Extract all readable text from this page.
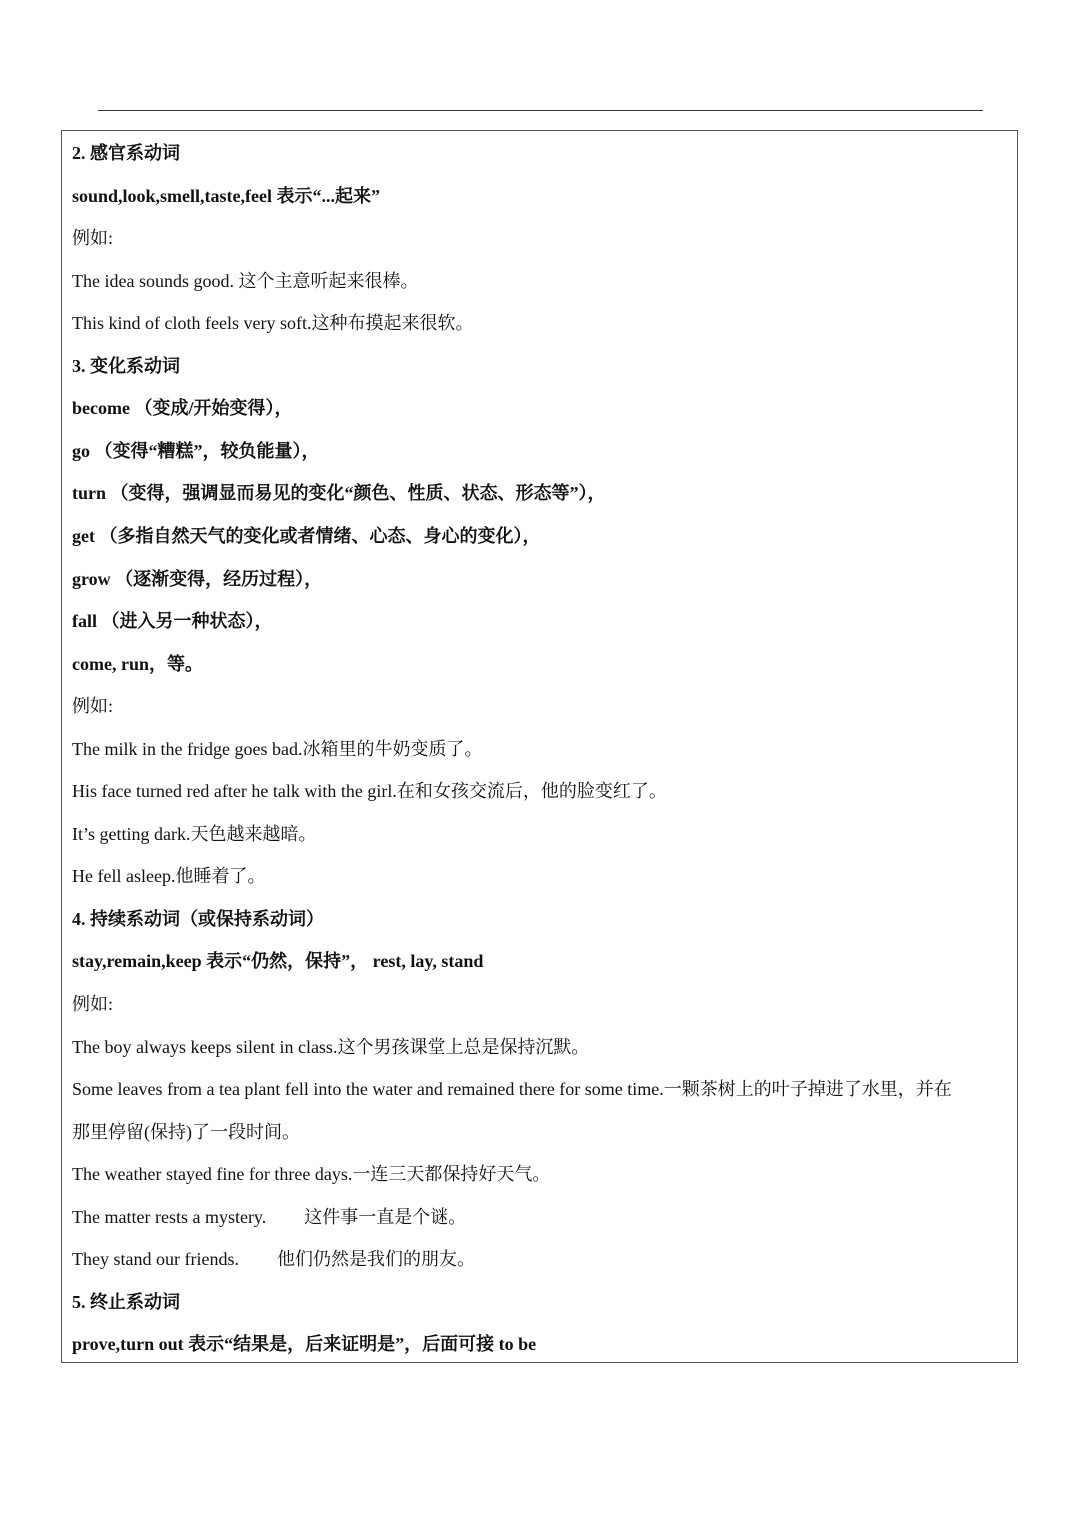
2. 感官系动词
sound,look,smell,taste,feel 表示“...起来”
例如:
The idea sounds good. 这个主意听起来很棒。
This kind of cloth feels very soft.这种布摸起来很软。
3. 变化系动词
become （变成/开始变得），
go （变得“糟糕”，较负能量），
turn （变得，强调显而易见的变化“颜色、性质、状态、形态等”），
get （多指自然天气的变化或者情绪、心态、身心的变化），
grow （逐渐变得，经历过程），
fall （进入另一种状态），
come, run，等。
例如:
The milk in the fridge goes bad.冰箱里的牛奶变质了。
His face turned red after he talk with the girl.在和女孩交流后，他的脸变红了。
It’s getting dark.天色越来越暗。
He fell asleep.他睡着了。
4. 持续系动词（或保持系动词）
stay,remain,keep 表示“仍然，保持”， rest, lay, stand
例如:
The boy always keeps silent in class.这个男孩课堂上总是保持沉默。
Some leaves from a tea plant fell into the water and remained there for some time.一颗茶树上的叶子掉进了水里，并在
那里停留(保持)了一段时间。
The weather stayed fine for three days.一连三天都保持好天气。
The matter rests a mystery. 这件事一直是个谜。
They stand our friends. 他们仍然是我们的朋友。
5. 终止系动词
prove,turn out 表示“结果是，后来证明是”，后面可接 to be
